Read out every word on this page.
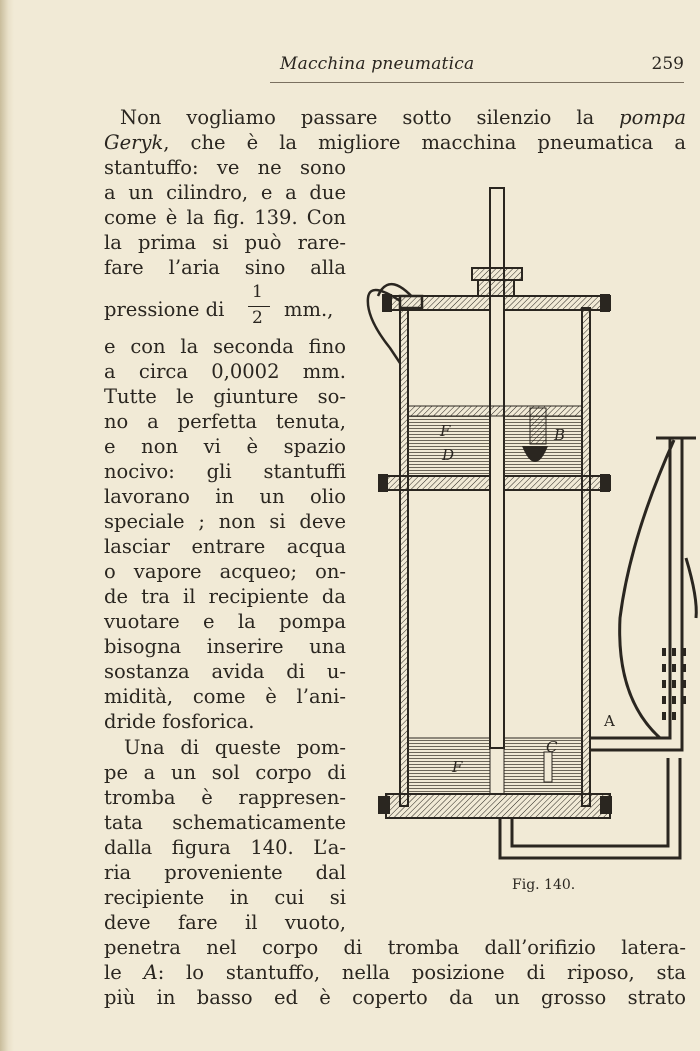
Macchina pneumatica	259
Non vogliamo passare sotto silenzio la pompa
Geryk, che è la migliore macchina pneumatica a
stantuffo: ve ne sono
a un cilindro, e a due
come è la fig. 139. Con
la prima si può rare-
fare l’aria sino alla
pressione di
1
2 mm.,
e con la seconda fino
a circa 0,0002 mm.
Tutte le giunture so-
no a perfetta tenuta,
e non vi è spazio
nocivo: gli stantuffi
lavorano in un olio
speciale ; non si deve
lasciar entrare acqua
o vapore acqueo; on-
de tra il recipiente da
vuotare e la pompa
bisogna inserire una
sostanza avida di u-
midità, come è l’ani-
dride fosforica.
Una di queste pom-
pe a un sol corpo di
tromba è rappresen-
tata schematicamente
dalla figura 140. L’a-
ria proveniente dal
recipiente in cui si
deve fare il vuoto,
penetra nel corpo di tromba dall’orifizio latera-
le A: lo stantuffo, nella posizione di riposo, sta
più in basso ed è coperto da un grosso strato
F
D
B
A
C
F
Fig. 140.
